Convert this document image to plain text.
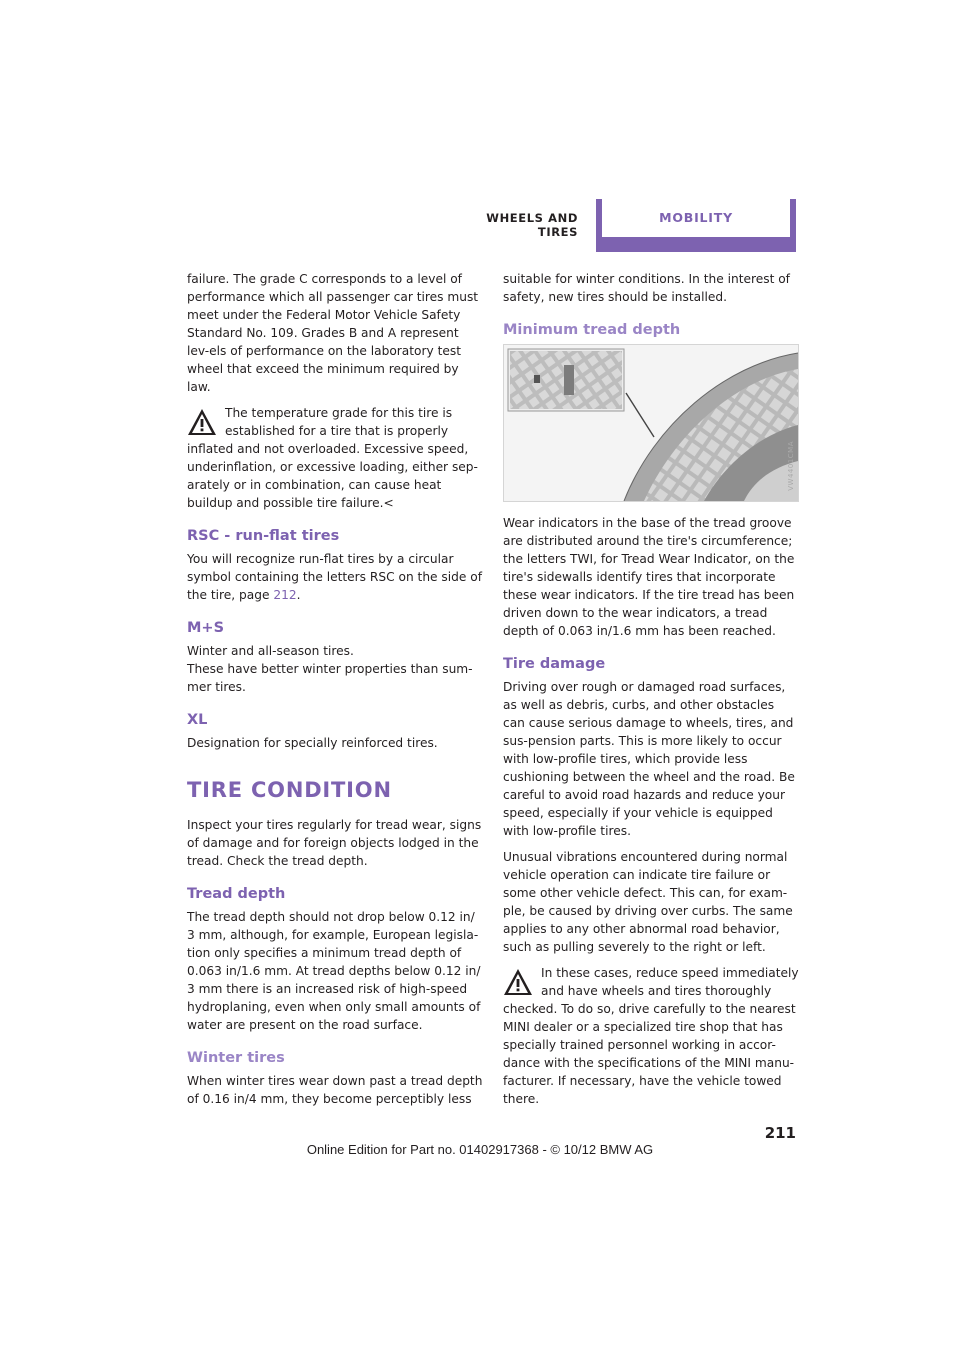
WHEELS AND TIRES
MOBILITY

failure. The grade C corresponds to a level of performance which all passenger car tires must meet under the Federal Motor Vehicle Safety Standard No. 109. Grades B and A represent lev-els of performance on the laboratory test wheel that exceed the minimum required by law.

The temperature grade for this tire is established for a tire that is properly inflated and not overloaded. Excessive speed, underinflation, or excessive loading, either sep-arately or in combination, can cause heat buildup and possible tire failure.<
RSC - run-flat tires

You will recognize run-flat tires by a circular symbol containing the letters RSC on the side of the tire, page 212.

M+S

Winter and all-season tires.

These have better winter properties than sum-mer tires.

XL

Designation for specially reinforced tires.

TIRE CONDITION

Inspect your tires regularly for tread wear, signs of damage and for foreign objects lodged in the tread. Check the tread depth.

Tread depth

The tread depth should not drop below 0.12 in/ 3 mm, although, for example, European legisla-tion only specifies a minimum tread depth of 0.063 in/1.6 mm. At tread depths below 0.12 in/ 3 mm there is an increased risk of high-speed hydroplaning, even when only small amounts of water are present on the road surface.

Winter tires

When winter tires wear down past a tread depth of 0.16 in/4 mm, they become perceptibly less

suitable for winter conditions. In the interest of safety, new tires should be installed.

Minimum tread depth
VW4401CMA

Wear indicators in the base of the tread groove are distributed around the tire's circumference; the letters TWI, for Tread Wear Indicator, on the tire's sidewalls identify tires that incorporate these wear indicators. If the tire tread has been driven down to the wear indicators, a tread depth of 0.063 in/1.6 mm has been reached.

Tire damage

Driving over rough or damaged road surfaces, as well as debris, curbs, and other obstacles can cause serious damage to wheels, tires, and sus-pension parts. This is more likely to occur with low-profile tires, which provide less cushioning between the wheel and the road. Be careful to avoid road hazards and reduce your speed, especially if your vehicle is equipped with low-profile tires.

Unusual vibrations encountered during normal vehicle operation can indicate tire failure or some other vehicle defect. This can, for exam-ple, be caused by driving over curbs. The same applies to any other abnormal road behavior, such as pulling severely to the right or left.

In these cases, reduce speed immediately and have wheels and tires thoroughly checked. To do so, drive carefully to the nearest MINI dealer or a specialized tire shop that has specially trained personnel working in accor-dance with the specifications of the MINI manu-facturer. If necessary, have the vehicle towed there.
211
Online Edition for Part no. 01402917368 - © 10/12 BMW AG
